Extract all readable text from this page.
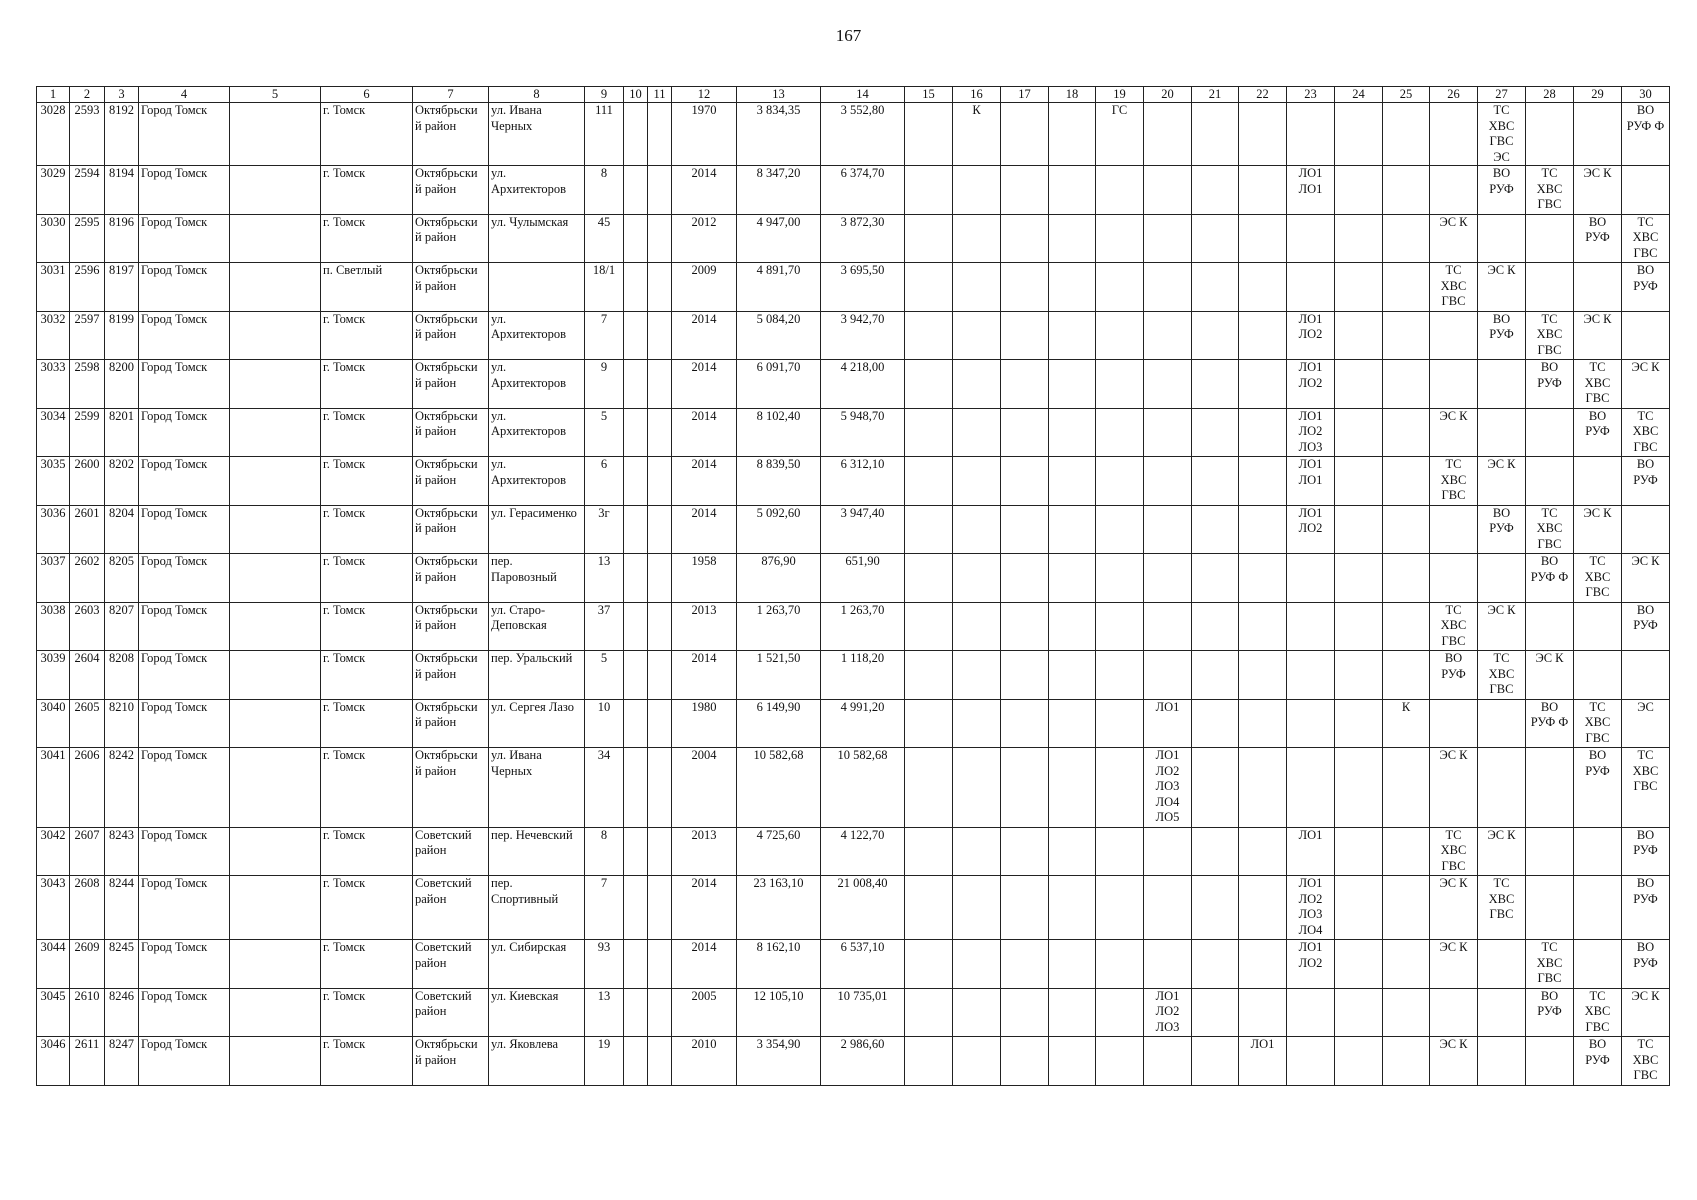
167
1	2	3	4	5	6	7	8	9	10	11	12	13	14	15	16	17	18	19	20	21	22	23	24	25	26	27	28	29	30
3028	2593	8192	Город Томск		г. Томск	Октябрьски
й район	ул. Ивана
Черных	111			1970	3 834,35	3 552,80		К			ГС								ТС
ХВС
ГВС
ЭС			ВО
РУФ Ф
3029	2594	8194	Город Томск		г. Томск	Октябрьски
й район	ул.
Архитекторов	8			2014	8 347,20	6 374,70									ЛО1
ЛО1				ВО
РУФ	ТС
ХВС
ГВС	ЭС К	
3030	2595	8196	Город Томск		г. Томск	Октябрьски
й район	ул. Чулымская	45			2012	4 947,00	3 872,30												ЭС К			ВО
РУФ	ТС
ХВС
ГВС
3031	2596	8197	Город Томск		п. Светлый	Октябрьски
й район		18/1			2009	4 891,70	3 695,50												ТС
ХВС
ГВС	ЭС К			ВО
РУФ
3032	2597	8199	Город Томск		г. Томск	Октябрьски
й район	ул.
Архитекторов	7			2014	5 084,20	3 942,70									ЛО1
ЛО2				ВО
РУФ	ТС
ХВС
ГВС	ЭС К	
3033	2598	8200	Город Томск		г. Томск	Октябрьски
й район	ул.
Архитекторов	9			2014	6 091,70	4 218,00									ЛО1
ЛО2					ВО
РУФ	ТС
ХВС
ГВС	ЭС К
3034	2599	8201	Город Томск		г. Томск	Октябрьски
й район	ул.
Архитекторов	5			2014	8 102,40	5 948,70									ЛО1
ЛО2
ЛО3			ЭС К			ВО
РУФ	ТС
ХВС
ГВС
3035	2600	8202	Город Томск		г. Томск	Октябрьски
й район	ул.
Архитекторов	6			2014	8 839,50	6 312,10									ЛО1
ЛО1			ТС
ХВС
ГВС	ЭС К			ВО
РУФ
3036	2601	8204	Город Томск		г. Томск	Октябрьски
й район	ул. Герасименко	3г			2014	5 092,60	3 947,40									ЛО1
ЛО2				ВО
РУФ	ТС
ХВС
ГВС	ЭС К	
3037	2602	8205	Город Томск		г. Томск	Октябрьски
й район	пер.
Паровозный	13			1958	876,90	651,90														ВО
РУФ Ф	ТС
ХВС
ГВС	ЭС К
3038	2603	8207	Город Томск		г. Томск	Октябрьски
й район	ул. Старо-
Деповская	37			2013	1 263,70	1 263,70												ТС
ХВС
ГВС	ЭС К			ВО
РУФ
3039	2604	8208	Город Томск		г. Томск	Октябрьски
й район	пер. Уральский	5			2014	1 521,50	1 118,20												ВО
РУФ	ТС
ХВС
ГВС	ЭС К		
3040	2605	8210	Город Томск		г. Томск	Октябрьски
й район	ул. Сергея Лазо	10			1980	6 149,90	4 991,20						ЛО1					К			ВО
РУФ Ф	ТС
ХВС
ГВС	ЭС
3041	2606	8242	Город Томск		г. Томск	Октябрьски
й район	ул. Ивана
Черных	34			2004	10 582,68	10 582,68						ЛО1
ЛО2
ЛО3
ЛО4
ЛО5						ЭС К			ВО
РУФ	ТС
ХВС
ГВС
3042	2607	8243	Город Томск		г. Томск	Советский
район	пер. Нечевский	8			2013	4 725,60	4 122,70									ЛО1			ТС
ХВС
ГВС	ЭС К			ВО
РУФ
3043	2608	8244	Город Томск		г. Томск	Советский
район	пер.
Спортивный	7			2014	23 163,10	21 008,40									ЛО1
ЛО2
ЛО3
ЛО4			ЭС К	ТС
ХВС
ГВС			ВО
РУФ
3044	2609	8245	Город Томск		г. Томск	Советский
район	ул. Сибирская	93			2014	8 162,10	6 537,10									ЛО1
ЛО2			ЭС К		ТС
ХВС
ГВС		ВО
РУФ
3045	2610	8246	Город Томск		г. Томск	Советский
район	ул. Киевская	13			2005	12 105,10	10 735,01						ЛО1
ЛО2
ЛО3								ВО
РУФ	ТС
ХВС
ГВС	ЭС К
3046	2611	8247	Город Томск		г. Томск	Октябрьски
й район	ул. Яковлева	19			2010	3 354,90	2 986,60								ЛО1				ЭС К			ВО
РУФ	ТС
ХВС
ГВС
